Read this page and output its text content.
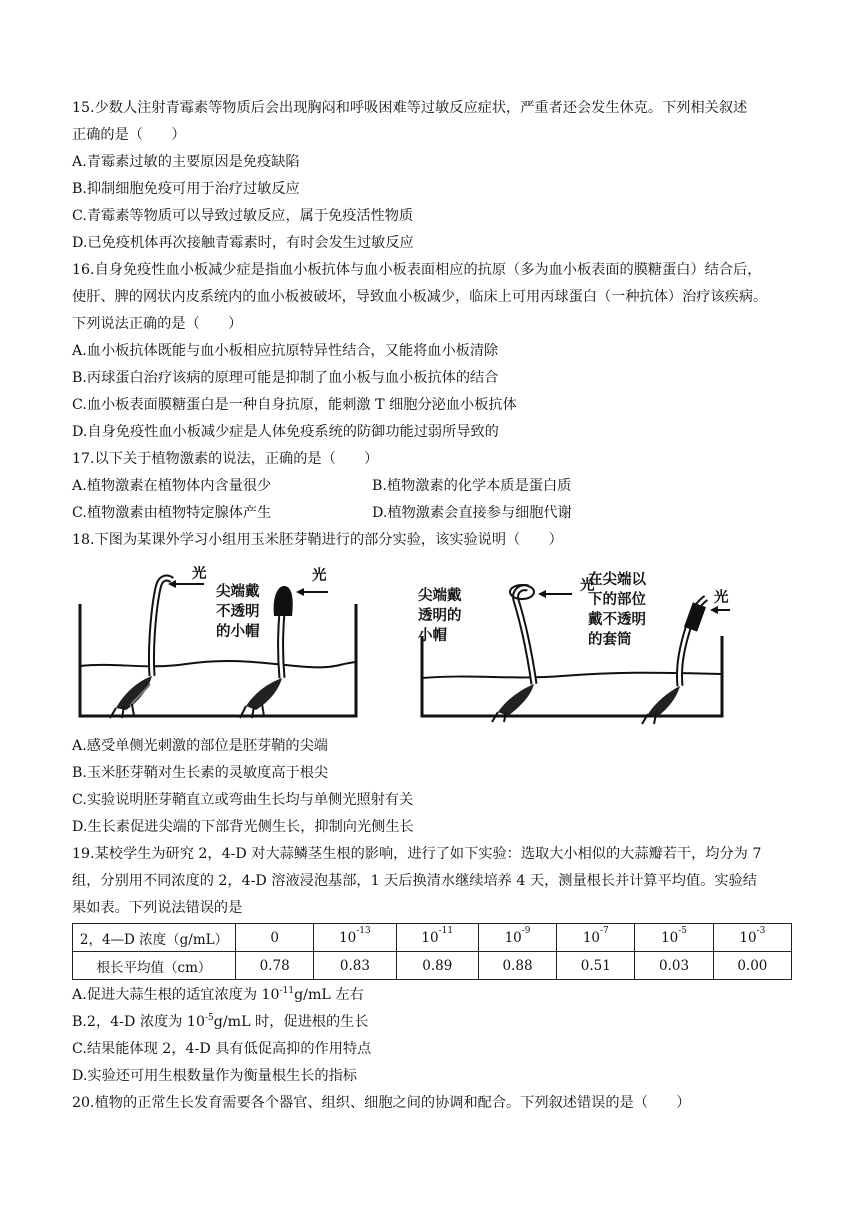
15.少数人注射青霉素等物质后会出现胸闷和呼吸困难等过敏反应症状，严重者还会发生休克。下列相关叙述
正确的是（　　）
A.青霉素过敏的主要原因是免疫缺陷
B.抑制细胞免疫可用于治疗过敏反应
C.青霉素等物质可以导致过敏反应，属于免疫活性物质
D.已免疫机体再次接触青霉素时，有时会发生过敏反应
16.自身免疫性血小板减少症是指血小板抗体与血小板表面相应的抗原（多为血小板表面的膜糖蛋白）结合后，
使肝、脾的网状内皮系统内的血小板被破坏，导致血小板减少，临床上可用丙球蛋白（一种抗体）治疗该疾病。
下列说法正确的是（　　）
A.血小板抗体既能与血小板相应抗原特异性结合，又能将血小板清除
B.丙球蛋白治疗该病的原理可能是抑制了血小板与血小板抗体的结合
C.血小板表面膜糖蛋白是一种自身抗原，能刺激 T 细胞分泌血小板抗体
D.自身免疫性血小板减少症是人体免疫系统的防御功能过弱所导致的
17.以下关于植物激素的说法，正确的是（　　）
A.植物激素在植物体内含量很少	B.植物激素的化学本质是蛋白质
C.植物激素由植物特定腺体产生	D.植物激素会直接参与细胞代谢
18.下图为某课外学习小组用玉米胚芽鞘进行的部分实验，该实验说明（　　）
光
尖端戴
不透明
的小帽
光
尖端戴
透明的
小帽
光
在尖端以
下的部位
戴不透明
的套筒
光
A.感受单侧光刺激的部位是胚芽鞘的尖端
B.玉米胚芽鞘对生长素的灵敏度高于根尖
C.实验说明胚芽鞘直立或弯曲生长均与单侧光照射有关
D.生长素促进尖端的下部背光侧生长，抑制向光侧生长
19.某校学生为研究 2，4-D 对大蒜鳞茎生根的影响，进行了如下实验：选取大小相似的大蒜瓣若干，均分为 7
组，分别用不同浓度的 2，4-D 溶液浸泡基部，1 天后换清水继续培养 4 天，测量根长并计算平均值。实验结
果如表。下列说法错误的是
2，4—D 浓度（g/mL）	0	$10^{-13}$	$10^{-11}$	$10^{-9}$	$10^{-7}$	$10^{-5}$	$10^{-3}$
根长平均值（cm）	0.78	0.83	0.89	0.88	0.51	0.03	0.00
A.促进大蒜生根的适宜浓度为 $10^{-11}g/mL$ 左右
B.2，4-D 浓度为 $10^{-5}g/mL$ 时，促进根的生长
C.结果能体现 2，4-D 具有低促高抑的作用特点
D.实验还可用生根数量作为衡量根生长的指标
20.植物的正常生长发育需要各个器官、组织、细胞之间的协调和配合。下列叙述错误的是（　　）
